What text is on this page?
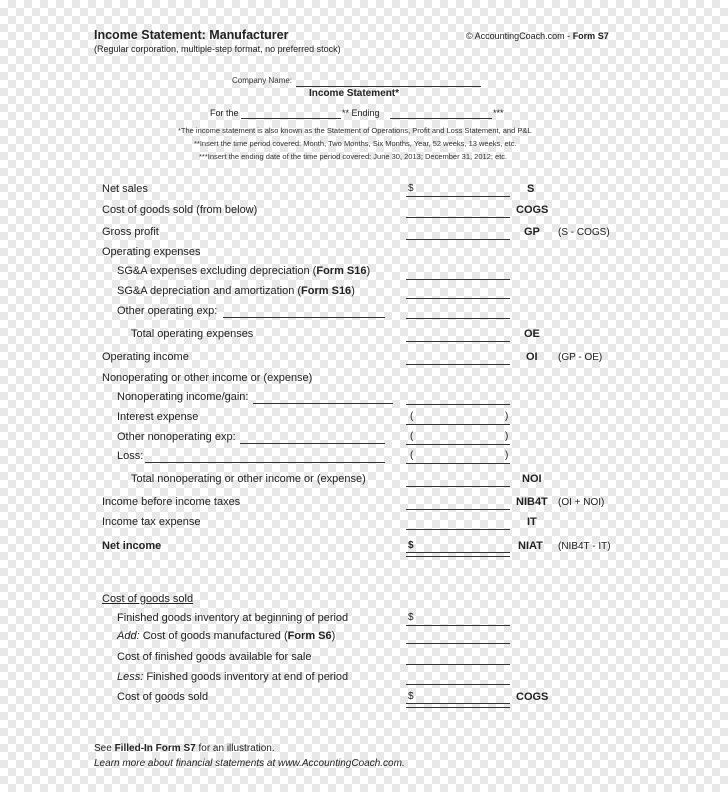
Income Statement: Manufacturer
(Regular corporation, multiple-step format, no preferred stock)
© AccountingCoach.com - Form S7
Company Name:
Income Statement*
For the	** Ending	***
*The income statement is also known as the Statement of Operations, Profit and Loss Statement, and P&L
**Insert the time period covered: Month, Two Months, Six Months, Year, 52 weeks, 13 weeks, etc.
***Insert the ending date of the time period covered: June 30, 2013; December 31, 2012; etc.
Net sales	$	S
Cost of goods sold (from below)	COGS
Gross profit	GP (S - COGS)
Operating expenses
SG&A expenses excluding depreciation (Form S16)
SG&A depreciation and amortization (Form S16)
Other operating exp:
Total operating expenses	OE
Operating income	OI (GP - OE)
Nonoperating or other income or (expense)
Nonoperating income/gain:
Interest expense	(	)
Other nonoperating exp:	(	)
Loss:	(	)
Total nonoperating or other income or (expense)	NOI
Income before income taxes	NIB4T (OI + NOI)
Income tax expense	IT
Net income	$	NIAT (NIB4T - IT)
Cost of goods sold
Finished goods inventory at beginning of period	$
Add: Cost of goods manufactured (Form S6)
Cost of finished goods available for sale
Less: Finished goods inventory at end of period
Cost of goods sold	$	COGS
See Filled-In Form S7 for an illustration.
Learn more about financial statements at www.AccountingCoach.com.
